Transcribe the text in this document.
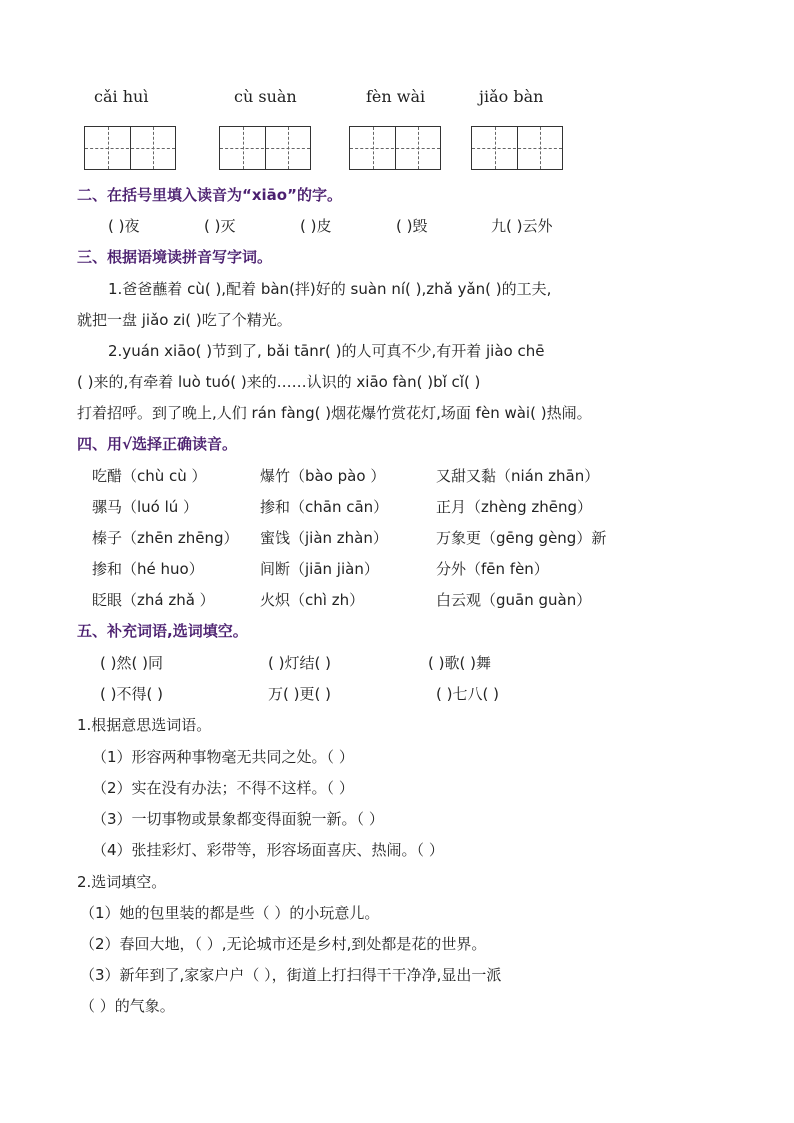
cǎi huì	cù suàn	fèn wài	jiǎo bàn
二、在括号里填入读音为“xiāo”的字。
( )夜	( )灭	( )皮	( )毁	九( )云外
三、根据语境读拼音写字词。
1.爸爸蘸着 cù( ),配着 bàn(拌)好的 suàn ní( ),zhǎ yǎn( )的工夫,
就把一盘 jiǎo zi( )吃了个精光。
2.yuán xiāo( )节到了, bǎi tānr( )的人可真不少,有开着 jiào chē
( )来的,有牵着 luò tuó( )来的……认识的 xiāo fàn( )bǐ cǐ( )
打着招呼。到了晚上,人们 rán fàng( )烟花爆竹赏花灯,场面 fèn wài( )热闹。
四、用√选择正确读音。
吃醋（chù cù ）	爆竹（bào pào ）	又甜又黏（nián zhān）
骡马（luó lú ）	掺和（chān cān）	正月（zhèng zhēng）
榛子（zhēn zhēng） 蜜饯（jiàn zhàn）	万象更（gēng gèng）新
掺和（hé huo）	间断（jiān jiàn）	分外（fēn fèn）
眨眼（zhá zhǎ ）	火炽（chì zh）	白云观（guān guàn）
五、补充词语,选词填空。
( )然( )同	( )灯结( )	( )歌( )舞
( )不得( )	万( )更( )	( )七八( )
1.根据意思选词语。
（1）形容两种事物毫无共同之处。（ ）
（2）实在没有办法；不得不这样。（ ）
（3）一切事物或景象都变得面貌一新。（ ）
（4）张挂彩灯、彩带等，形容场面喜庆、热闹。（ ）
2.选词填空。
（1）她的包里装的都是些（ ）的小玩意儿。
（2）春回大地，（ ）,无论城市还是乡村,到处都是花的世界。
（3）新年到了,家家户户（ ），街道上打扫得干干净净,显出一派
（ ）的气象。
